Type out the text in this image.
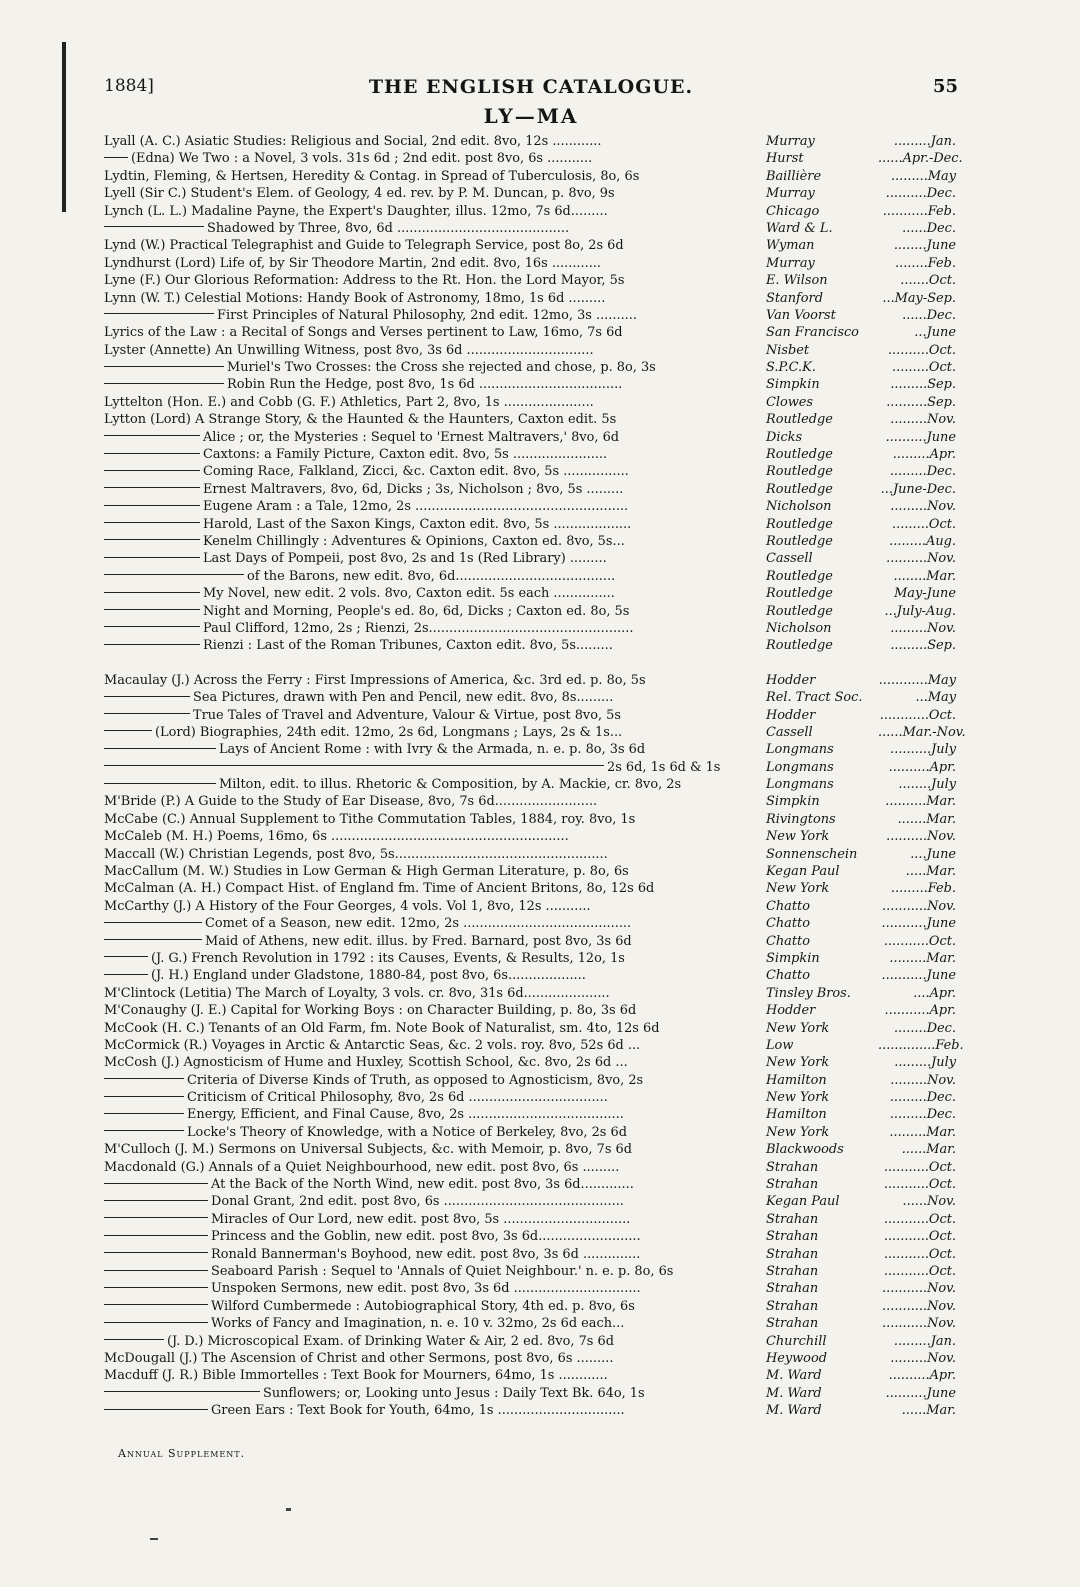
1884]	THE ENGLISH CATALOGUE.	55
LY—MA
Lyall (A. C.) Asiatic Studies: Religious and Social, 2nd edit. 8vo, 12s ............	Murray	.........Jan.
(Edna) We Two : a Novel, 3 vols. 31s 6d ; 2nd edit. post 8vo, 6s ...........	Hurst	......Apr.-Dec.
Lydtin, Fleming, & Hertsen, Heredity & Contag. in Spread of Tuberculosis, 8o, 6s	Baillière	.........May
Lyell (Sir C.) Student's Elem. of Geology, 4 ed. rev. by P. M. Duncan, p. 8vo, 9s	Murray	..........Dec.
Lynch (L. L.) Madaline Payne, the Expert's Daughter, illus. 12mo, 7s 6d.........	Chicago	...........Feb.
Shadowed by Three, 8vo, 6d ..........................................	Ward & L.	......Dec.
Lynd (W.) Practical Telegraphist and Guide to Telegraph Service, post 8o, 2s 6d	Wyman	........June
Lyndhurst (Lord) Life of, by Sir Theodore Martin, 2nd edit. 8vo, 16s ............	Murray	........Feb.
Lyne (F.) Our Glorious Reformation: Address to the Rt. Hon. the Lord Mayor, 5s	E. Wilson	.......Oct.
Lynn (W. T.) Celestial Motions: Handy Book of Astronomy, 18mo, 1s 6d .........	Stanford	...May-Sep.
First Principles of Natural Philosophy, 2nd edit. 12mo, 3s ..........	Van Voorst	......Dec.
Lyrics of the Law : a Recital of Songs and Verses pertinent to Law, 16mo, 7s 6d	San Francisco	...June
Lyster (Annette) An Unwilling Witness, post 8vo, 3s 6d ...............................	Nisbet	..........Oct.
Muriel's Two Crosses: the Cross she rejected and chose, p. 8o, 3s	S.P.C.K.	.........Oct.
Robin Run the Hedge, post 8vo, 1s 6d ...................................	Simpkin	.........Sep.
Lyttelton (Hon. E.) and Cobb (G. F.) Athletics, Part 2, 8vo, 1s ......................	Clowes	..........Sep.
Lytton (Lord) A Strange Story, & the Haunted & the Haunters, Caxton edit. 5s	Routledge	.........Nov.
Alice ; or, the Mysteries : Sequel to 'Ernest Maltravers,' 8vo, 6d	Dicks	..........June
Caxtons: a Family Picture, Caxton edit. 8vo, 5s .......................	Routledge	.........Apr.
Coming Race, Falkland, Zicci, &c. Caxton edit. 8vo, 5s ................	Routledge	.........Dec.
Ernest Maltravers, 8vo, 6d, Dicks ; 3s, Nicholson ; 8vo, 5s .........	Routledge	...June-Dec.
Eugene Aram : a Tale, 12mo, 2s ....................................................	Nicholson	.........Nov.
Harold, Last of the Saxon Kings, Caxton edit. 8vo, 5s ...................	Routledge	.........Oct.
Kenelm Chillingly : Adventures & Opinions, Caxton ed. 8vo, 5s...	Routledge	.........Aug.
Last Days of Pompeii, post 8vo, 2s and 1s (Red Library) .........	Cassell	..........Nov.
of the Barons, new edit. 8vo, 6d.......................................	Routledge	........Mar.
My Novel, new edit. 2 vols. 8vo, Caxton edit. 5s each ...............	Routledge	May-June
Night and Morning, People's ed. 8o, 6d, Dicks ; Caxton ed. 8o, 5s	Routledge	...July-Aug.
Paul Clifford, 12mo, 2s ; Rienzi, 2s..................................................	Nicholson	.........Nov.
Rienzi : Last of the Roman Tribunes, Caxton edit. 8vo, 5s.........	Routledge	.........Sep.
Macaulay (J.) Across the Ferry : First Impressions of America, &c. 3rd ed. p. 8o, 5s	Hodder	............May
Sea Pictures, drawn with Pen and Pencil, new edit. 8vo, 8s.........	Rel. Tract Soc.	...May
True Tales of Travel and Adventure, Valour & Virtue, post 8vo, 5s	Hodder	............Oct.
(Lord) Biographies, 24th edit. 12mo, 2s 6d, Longmans ; Lays, 2s & 1s...	Cassell	......Mar.-Nov.
Lays of Ancient Rome : with Ivry & the Armada, n. e. p. 8o, 3s 6d	Longmans	..........July
2s 6d, 1s 6d & 1s	Longmans	..........Apr.
Milton, edit. to illus. Rhetoric & Composition, by A. Mackie, cr. 8vo, 2s	Longmans	........July
M'Bride (P.) A Guide to the Study of Ear Disease, 8vo, 7s 6d.........................	Simpkin	..........Mar.
McCabe (C.) Annual Supplement to Tithe Commutation Tables, 1884, roy. 8vo, 1s	Rivingtons	.......Mar.
McCaleb (M. H.) Poems, 16mo, 6s ..........................................................	New York	..........Nov.
Maccall (W.) Christian Legends, post 8vo, 5s....................................................	Sonnenschein	....June
MacCallum (M. W.) Studies in Low German & High German Literature, p. 8o, 6s	Kegan Paul	.....Mar.
McCalman (A. H.) Compact Hist. of England fm. Time of Ancient Britons, 8o, 12s 6d	New York	.........Feb.
McCarthy (J.) A History of the Four Georges, 4 vols. Vol 1, 8vo, 12s ...........	Chatto	...........Nov.
Comet of a Season, new edit. 12mo, 2s .........................................	Chatto	...........June
Maid of Athens, new edit. illus. by Fred. Barnard, post 8vo, 3s 6d	Chatto	...........Oct.
(J. G.) French Revolution in 1792 : its Causes, Events, & Results, 12o, 1s	Simpkin	.........Mar.
(J. H.) England under Gladstone, 1880-84, post 8vo, 6s...................	Chatto	...........June
M'Clintock (Letitia) The March of Loyalty, 3 vols. cr. 8vo, 31s 6d.....................	Tinsley Bros.	....Apr.
M'Conaughy (J. E.) Capital for Working Boys : on Character Building, p. 8o, 3s 6d	Hodder	...........Apr.
McCook (H. C.) Tenants of an Old Farm, fm. Note Book of Naturalist, sm. 4to, 12s 6d	New York	........Dec.
McCormick (R.) Voyages in Arctic & Antarctic Seas, &c. 2 vols. roy. 8vo, 52s 6d ...	Low	..............Feb.
McCosh (J.) Agnosticism of Hume and Huxley, Scottish School, &c. 8vo, 2s 6d ...	New York	.........July
Criteria of Diverse Kinds of Truth, as opposed to Agnosticism, 8vo, 2s	Hamilton	.........Nov.
Criticism of Critical Philosophy, 8vo, 2s 6d ..................................	New York	.........Dec.
Energy, Efficient, and Final Cause, 8vo, 2s ......................................	Hamilton	.........Dec.
Locke's Theory of Knowledge, with a Notice of Berkeley, 8vo, 2s 6d	New York	.........Mar.
M'Culloch (J. M.) Sermons on Universal Subjects, &c. with Memoir, p. 8vo, 7s 6d	Blackwoods	......Mar.
Macdonald (G.) Annals of a Quiet Neighbourhood, new edit. post 8vo, 6s .........	Strahan	...........Oct.
At the Back of the North Wind, new edit. post 8vo, 3s 6d.............	Strahan	...........Oct.
Donal Grant, 2nd edit. post 8vo, 6s ............................................	Kegan Paul	......Nov.
Miracles of Our Lord, new edit. post 8vo, 5s ...............................	Strahan	...........Oct.
Princess and the Goblin, new edit. post 8vo, 3s 6d.........................	Strahan	...........Oct.
Ronald Bannerman's Boyhood, new edit. post 8vo, 3s 6d ..............	Strahan	...........Oct.
Seaboard Parish : Sequel to 'Annals of Quiet Neighbour.' n. e. p. 8o, 6s	Strahan	...........Oct.
Unspoken Sermons, new edit. post 8vo, 3s 6d ...............................	Strahan	...........Nov.
Wilford Cumbermede : Autobiographical Story, 4th ed. p. 8vo, 6s	Strahan	...........Nov.
Works of Fancy and Imagination, n. e. 10 v. 32mo, 2s 6d each...	Strahan	...........Nov.
(J. D.) Microscopical Exam. of Drinking Water & Air, 2 ed. 8vo, 7s 6d	Churchill	.........Jan.
McDougall (J.) The Ascension of Christ and other Sermons, post 8vo, 6s .........	Heywood	.........Nov.
Macduff (J. R.) Bible Immortelles : Text Book for Mourners, 64mo, 1s ............	M. Ward	..........Apr.
Sunflowers; or, Looking unto Jesus : Daily Text Bk. 64o, 1s	M. Ward	..........June
Green Ears : Text Book for Youth, 64mo, 1s ...............................	M. Ward	......Mar.
Annual Supplement.
